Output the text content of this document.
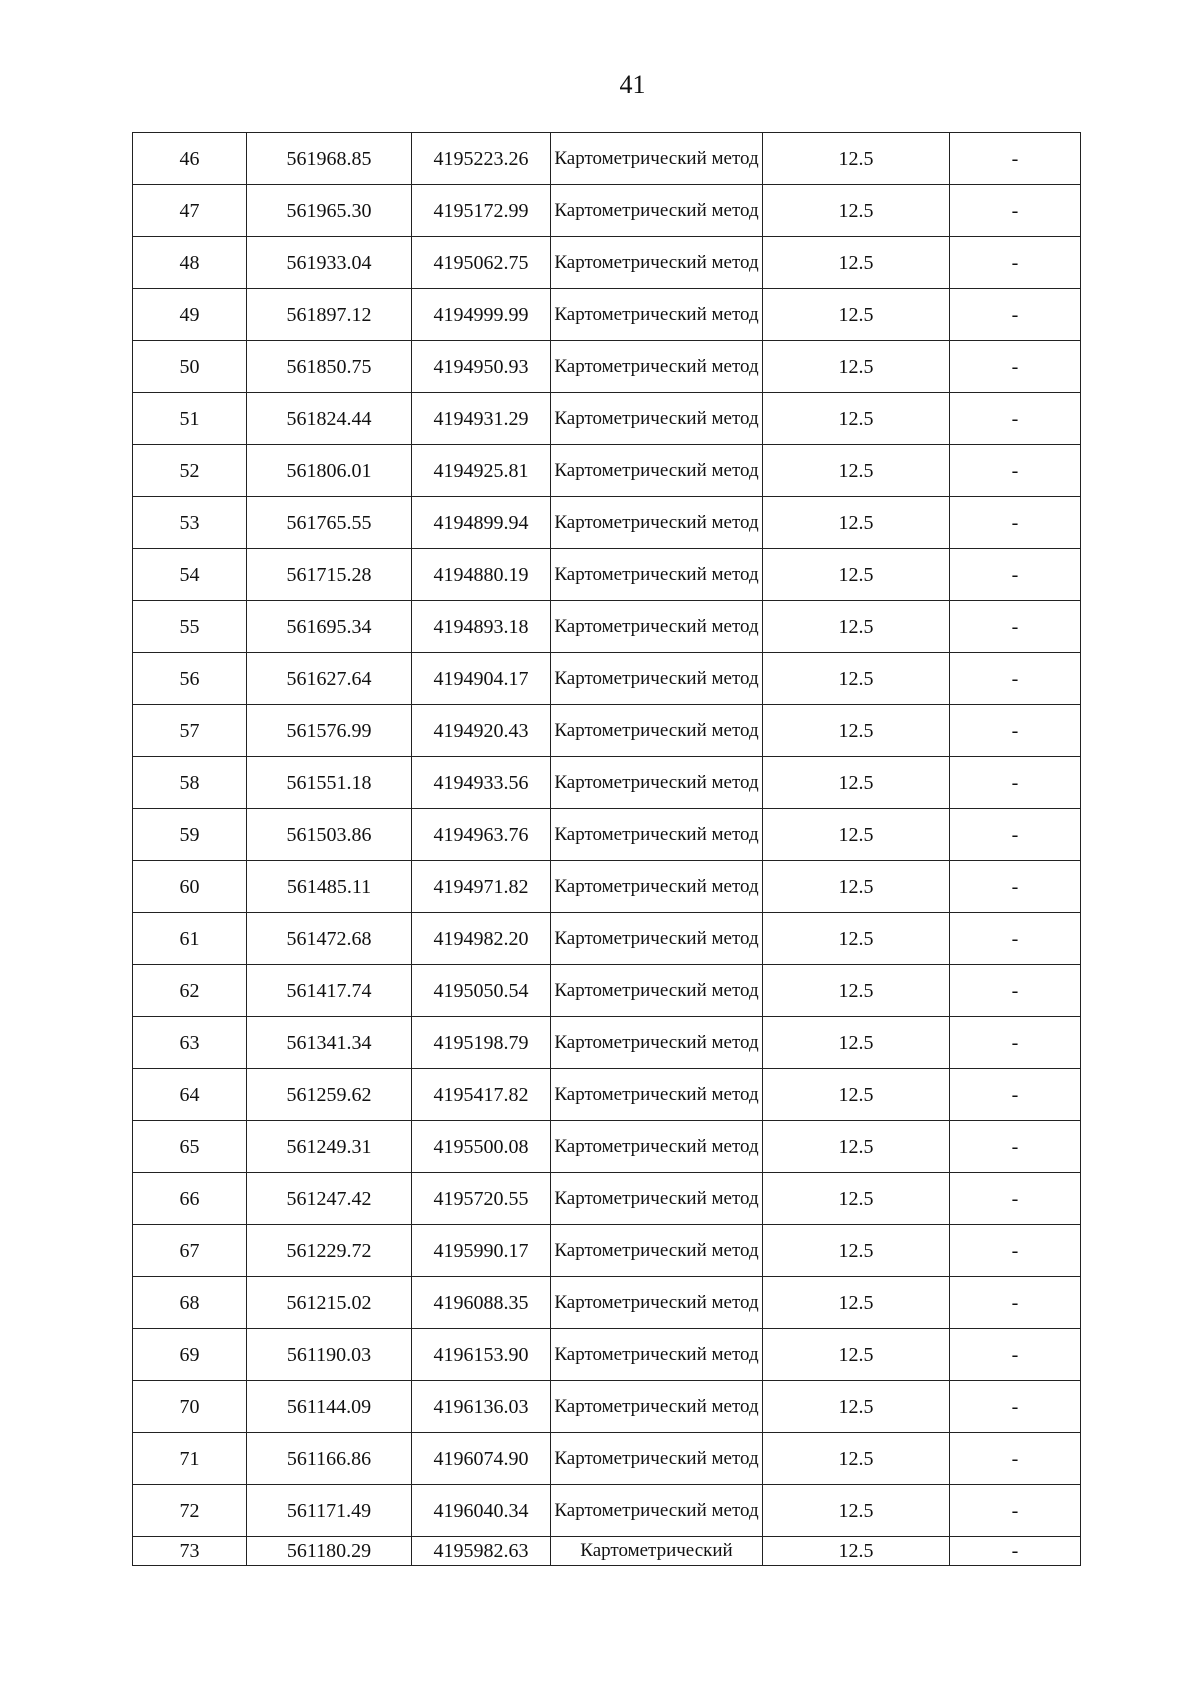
41
46	561968.85	4195223.26	Картометрический метод	12.5	-
47	561965.30	4195172.99	Картометрический метод	12.5	-
48	561933.04	4195062.75	Картометрический метод	12.5	-
49	561897.12	4194999.99	Картометрический метод	12.5	-
50	561850.75	4194950.93	Картометрический метод	12.5	-
51	561824.44	4194931.29	Картометрический метод	12.5	-
52	561806.01	4194925.81	Картометрический метод	12.5	-
53	561765.55	4194899.94	Картометрический метод	12.5	-
54	561715.28	4194880.19	Картометрический метод	12.5	-
55	561695.34	4194893.18	Картометрический метод	12.5	-
56	561627.64	4194904.17	Картометрический метод	12.5	-
57	561576.99	4194920.43	Картометрический метод	12.5	-
58	561551.18	4194933.56	Картометрический метод	12.5	-
59	561503.86	4194963.76	Картометрический метод	12.5	-
60	561485.11	4194971.82	Картометрический метод	12.5	-
61	561472.68	4194982.20	Картометрический метод	12.5	-
62	561417.74	4195050.54	Картометрический метод	12.5	-
63	561341.34	4195198.79	Картометрический метод	12.5	-
64	561259.62	4195417.82	Картометрический метод	12.5	-
65	561249.31	4195500.08	Картометрический метод	12.5	-
66	561247.42	4195720.55	Картометрический метод	12.5	-
67	561229.72	4195990.17	Картометрический метод	12.5	-
68	561215.02	4196088.35	Картометрический метод	12.5	-
69	561190.03	4196153.90	Картометрический метод	12.5	-
70	561144.09	4196136.03	Картометрический метод	12.5	-
71	561166.86	4196074.90	Картометрический метод	12.5	-
72	561171.49	4196040.34	Картометрический метод	12.5	-
73	561180.29	4195982.63	Картометрический	12.5	-
